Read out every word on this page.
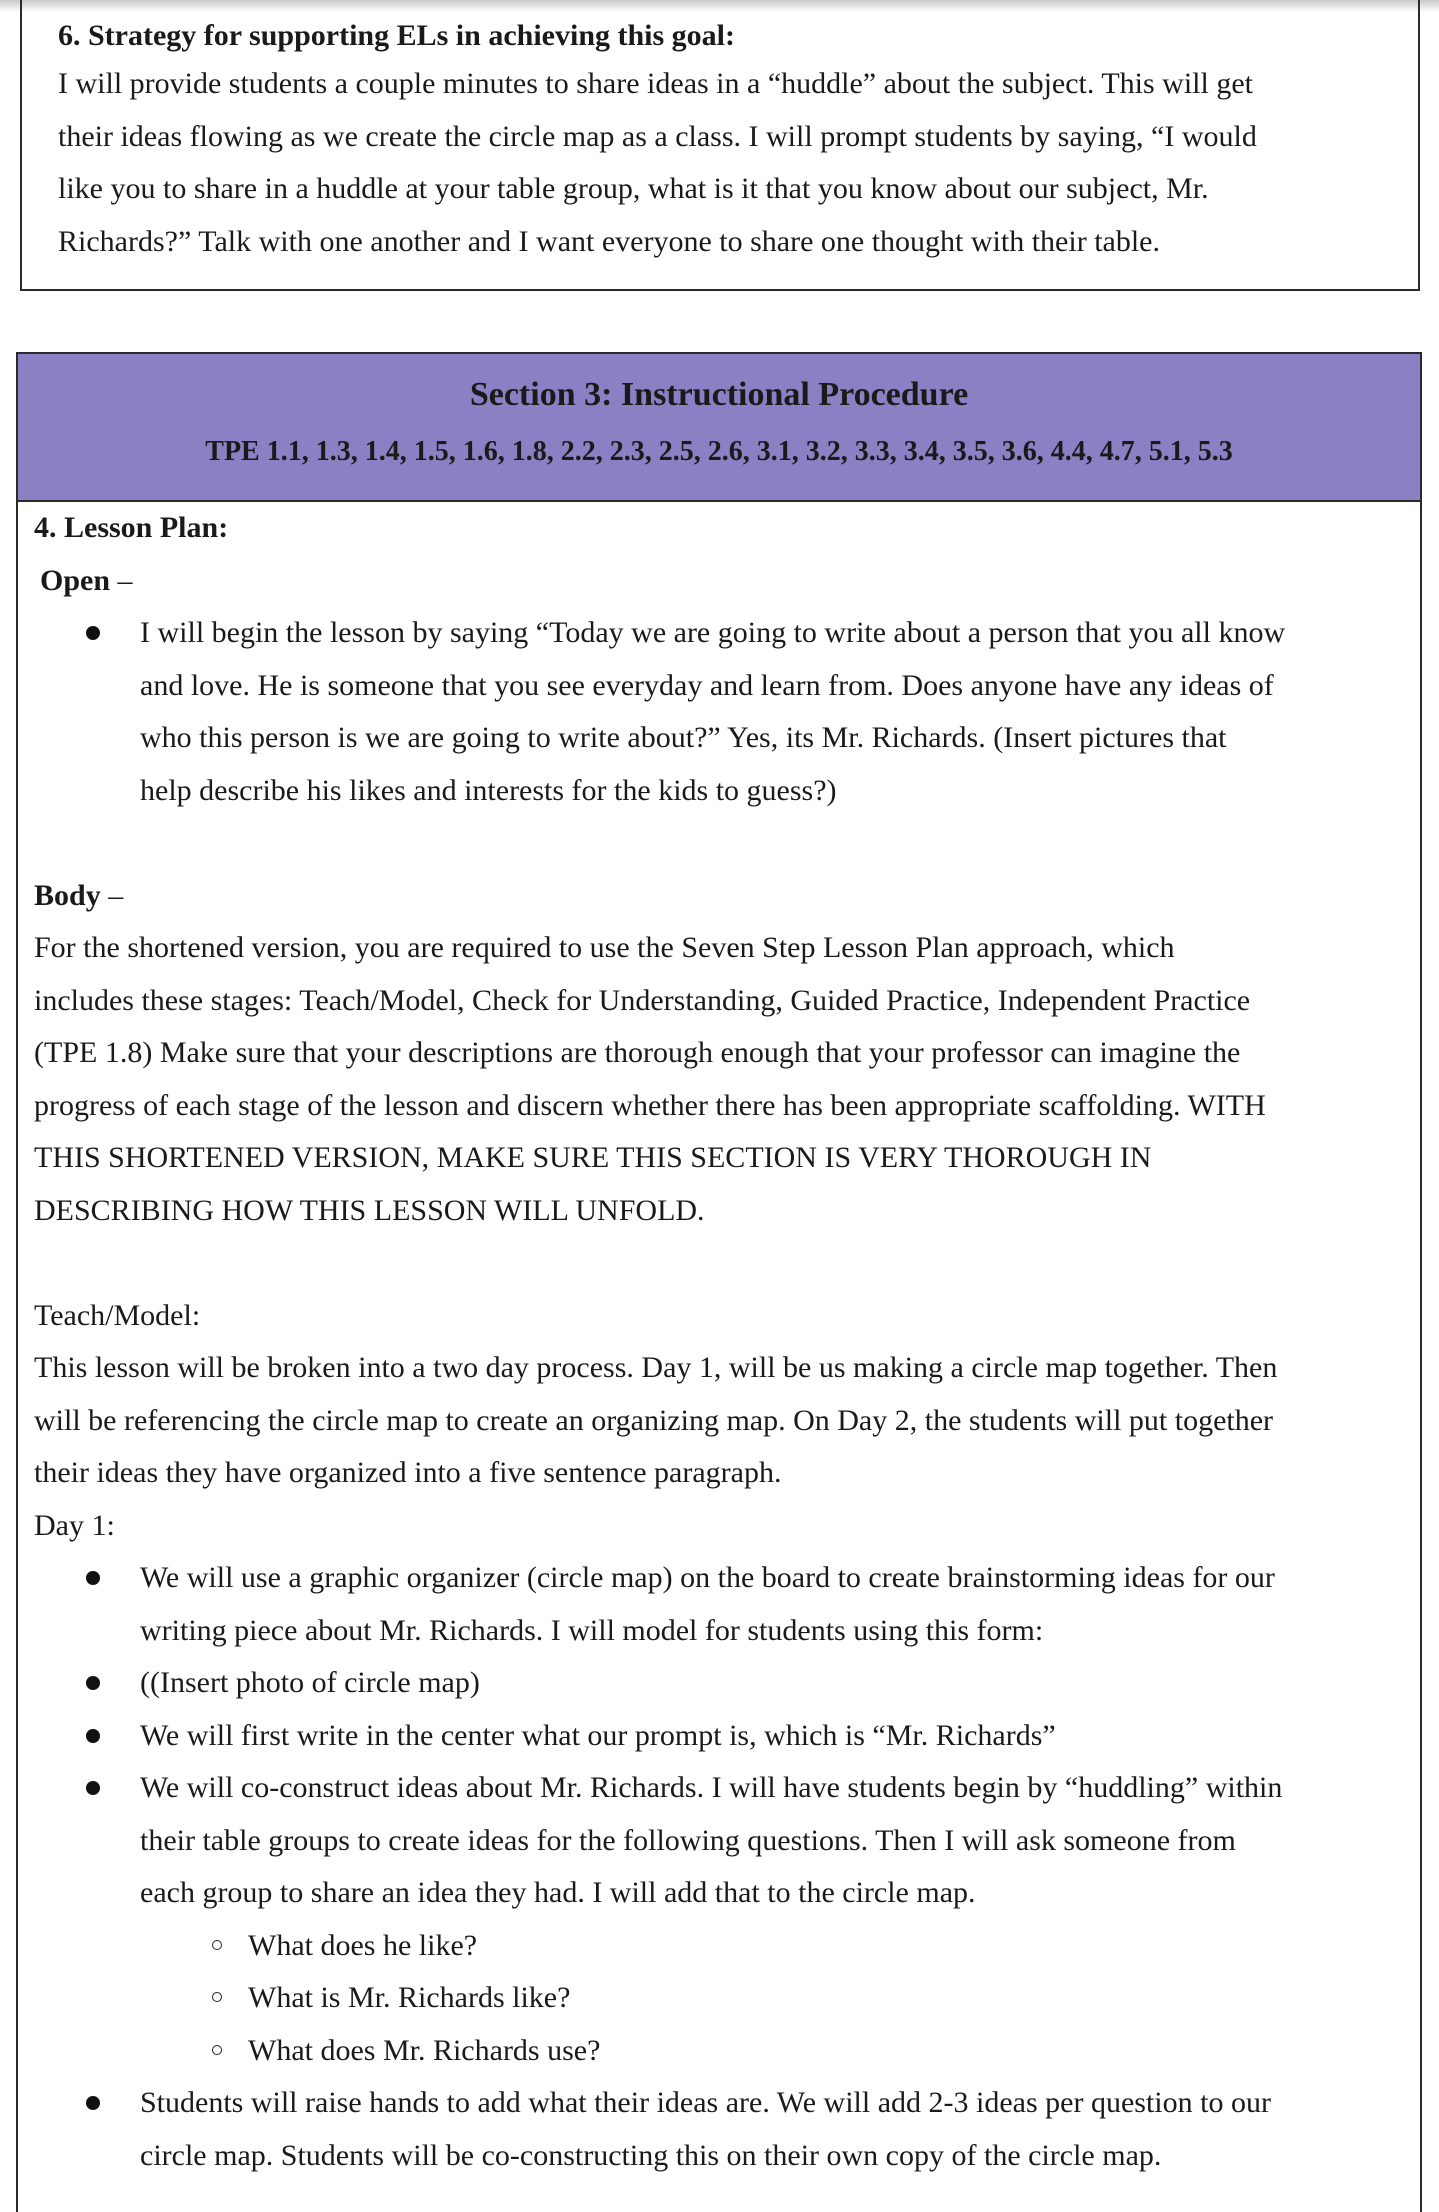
6. Strategy for supporting ELs in achieving this goal:

I will provide students a couple minutes to share ideas in a “huddle” about the subject. This will get

their ideas flowing as we create the circle map as a class. I will prompt students by saying, “I would

like you to share in a huddle at your table group, what is it that you know about our subject, Mr.

Richards?” Talk with one another and I want everyone to share one thought with their table.

Section 3: Instructional Procedure

TPE 1.1, 1.3, 1.4, 1.5, 1.6, 1.8, 2.2, 2.3, 2.5, 2.6, 3.1, 3.2, 3.3, 3.4, 3.5, 3.6, 4.4, 4.7, 5.1, 5.3

4. Lesson Plan:

Open –

I will begin the lesson by saying “Today we are going to write about a person that you all know

and love. He is someone that you see everyday and learn from. Does anyone have any ideas of

who this person is we are going to write about?” Yes, its Mr. Richards. (Insert pictures that

help describe his likes and interests for the kids to guess?)

Body –

For the shortened version, you are required to use the Seven Step Lesson Plan approach, which

includes these stages: Teach/Model, Check for Understanding, Guided Practice, Independent Practice

(TPE 1.8) Make sure that your descriptions are thorough enough that your professor can imagine the

progress of each stage of the lesson and discern whether there has been appropriate scaffolding. WITH

THIS SHORTENED VERSION, MAKE SURE THIS SECTION IS VERY THOROUGH IN

DESCRIBING HOW THIS LESSON WILL UNFOLD.

Teach/Model:

This lesson will be broken into a two day process. Day 1, will be us making a circle map together. Then

will be referencing the circle map to create an organizing map. On Day 2, the students will put together

their ideas they have organized into a five sentence paragraph.

Day 1:

We will use a graphic organizer (circle map) on the board to create brainstorming ideas for our

writing piece about Mr. Richards. I will model for students using this form:

((Insert photo of circle map)

We will first write in the center what our prompt is, which is “Mr. Richards”

We will co-construct ideas about Mr. Richards. I will have students begin by “huddling” within

their table groups to create ideas for the following questions. Then I will ask someone from

each group to share an idea they had. I will add that to the circle map.

What does he like?

What is Mr. Richards like?

What does Mr. Richards use?

Students will raise hands to add what their ideas are. We will add 2-3 ideas per question to our

circle map. Students will be co-constructing this on their own copy of the circle map.
